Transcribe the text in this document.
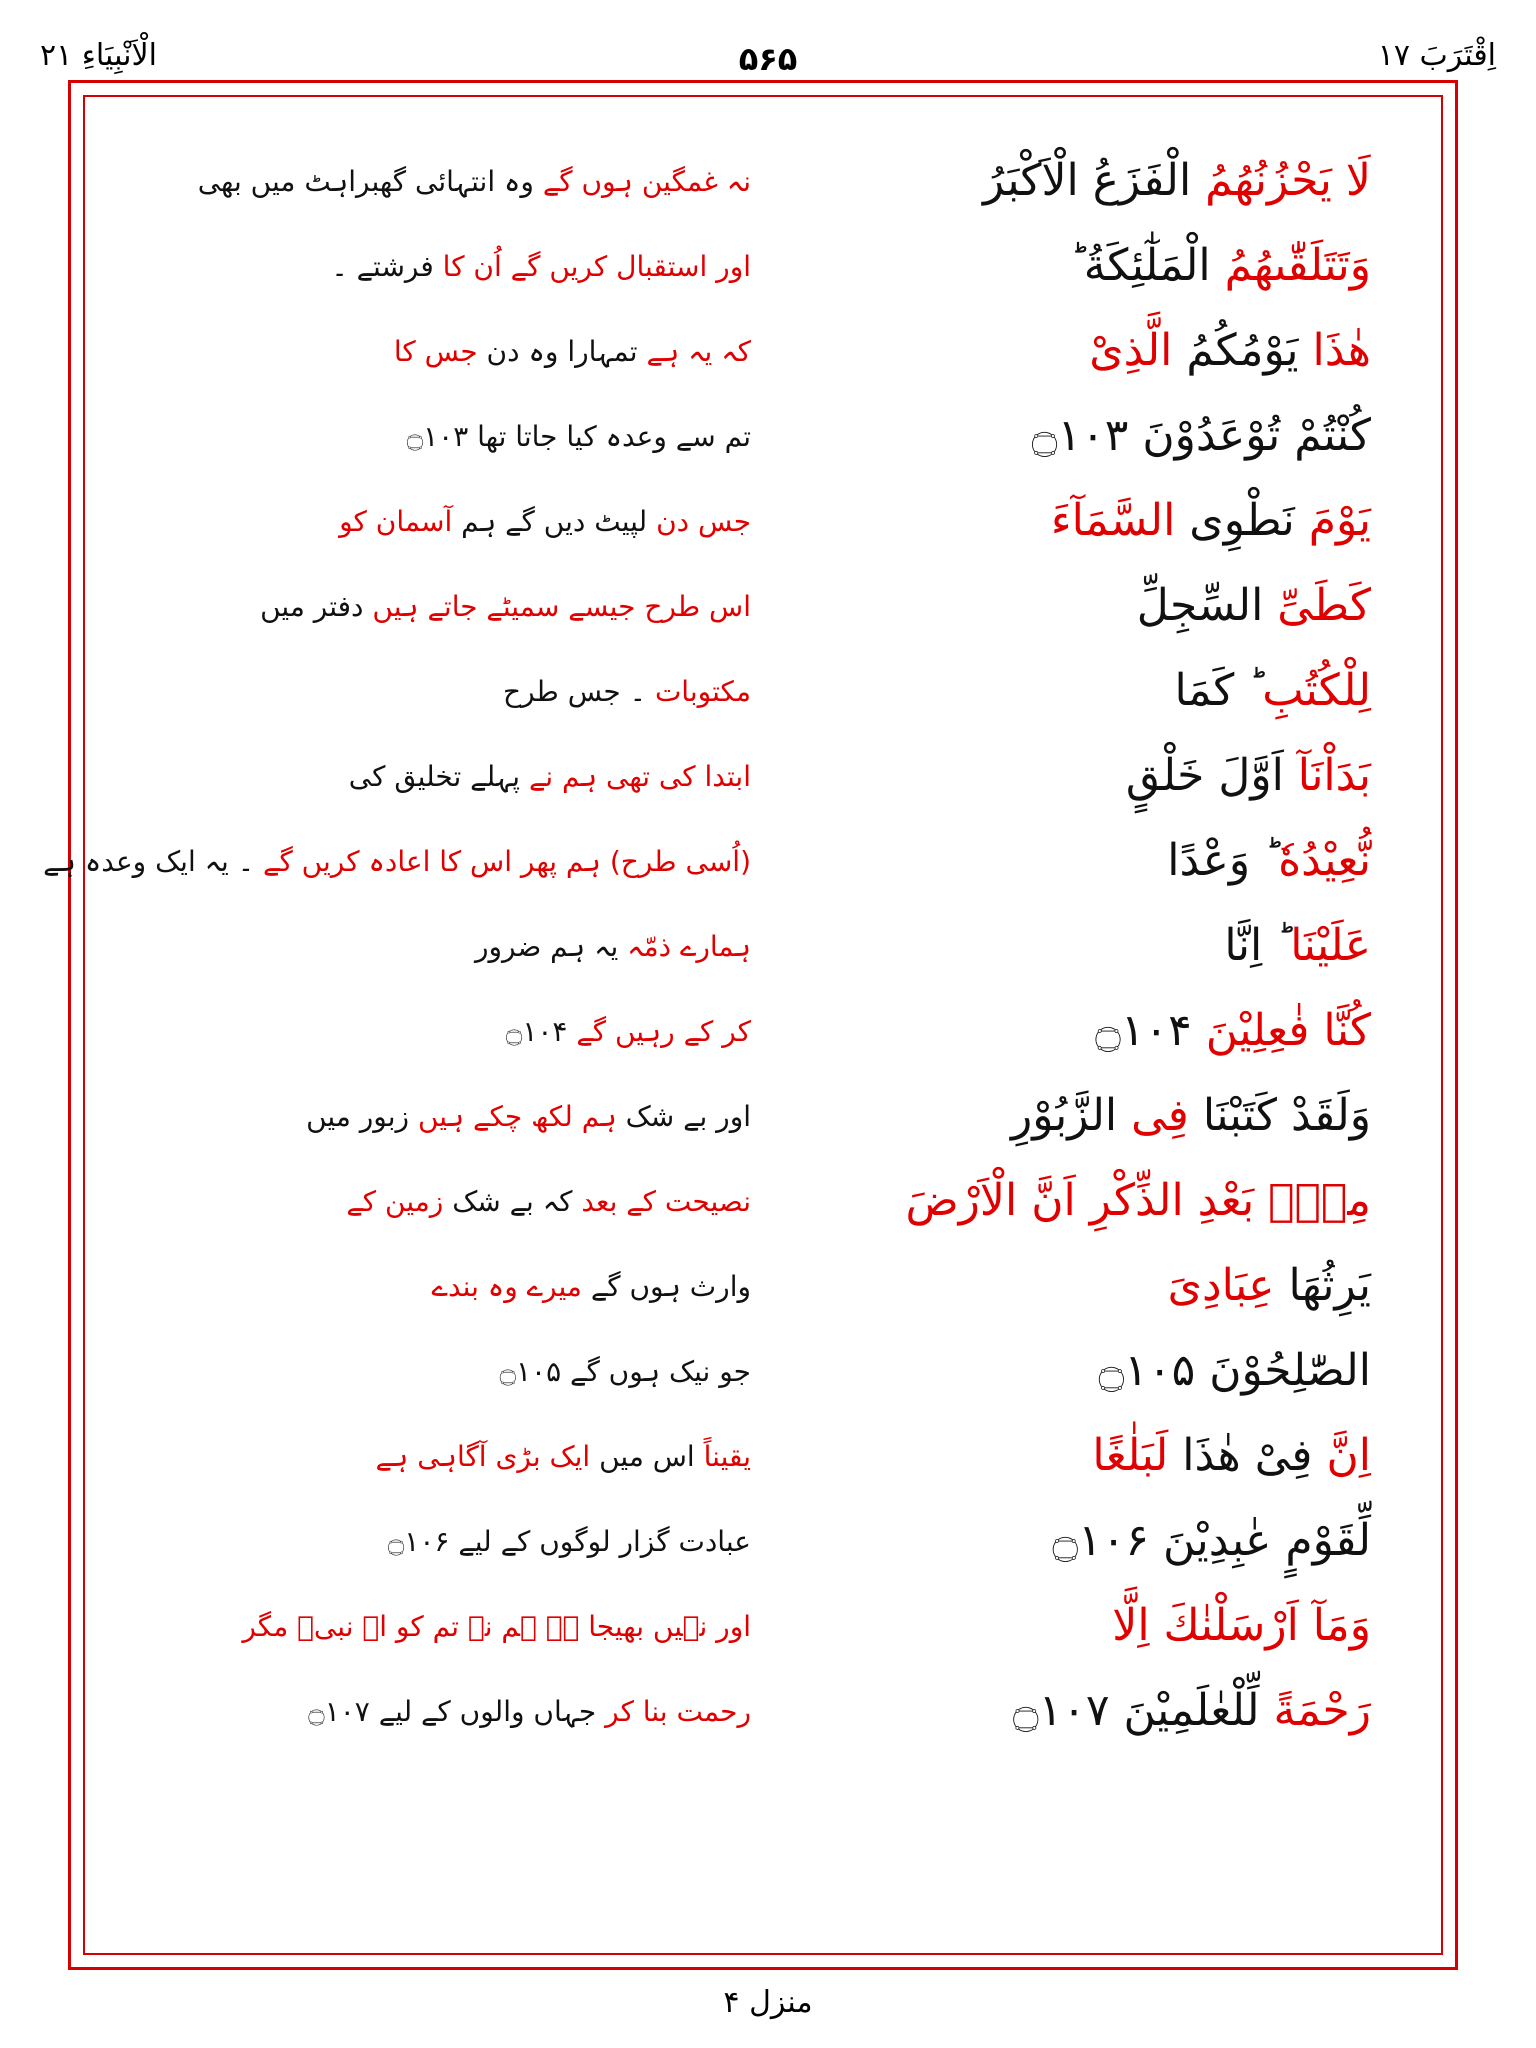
اِقْتَرَبَ ۱۷
۵۶۵
الْاَنْبِیَاءِ ۲۱
لَا يَحْزُنُهُمُ الْفَزَعُ الْاَكْبَرُ
نہ غمگین ہوں گے وہ انتہائی گھبراہٹ میں بھی
وَتَتَلَقّٰىهُمُ الْمَلٰٓئِكَةُ ؕ
اور استقبال کریں گے اُن کا فرشتے ۔
هٰذَا يَوْمُكُمُ الَّذِىْ
کہ یہ ہے تمہارا وہ دن جس کا
كُنْتُمْ تُوْعَدُوْنَ ۝۱۰۳
تم سے وعدہ کیا جاتا تھا ۝۱۰۳
يَوْمَ نَطْوِى السَّمَآءَ
جس دن لپیٹ دیں گے ہم آسمان کو
كَطَىِّ السِّجِلِّ
اس طرح جیسے سمیٹے جاتے ہیں دفتر میں
لِلْكُتُبِ ؕ كَمَا
مکتوبات ۔ جس طرح
بَدَاْنَآ اَوَّلَ خَلْقٍ
ابتدا کی تھی ہم نے پہلے تخلیق کی
نُّعِيْدُهٗ ؕ وَعْدًا
(اُسی طرح) ہم پھر اس کا اعادہ کریں گے ۔ یہ ایک وعدہ ہے
عَلَيْنَا ؕ اِنَّا
ہمارے ذمّہ یہ ہم ضرور
كُنَّا فٰعِلِيْنَ ۝۱۰۴
کر کے رہیں گے ۝۱۰۴
وَلَقَدْ كَتَبْنَا فِى الزَّبُوْرِ
اور بے شک ہم لکھ چکے ہیں زبور میں
مِنْۢ بَعْدِ الذِّكْرِ اَنَّ الْاَرْضَ
نصیحت کے بعد کہ بے شک زمین کے
يَرِثُهَا عِبَادِىَ
وارث ہوں گے میرے وہ بندے
الصّٰلِحُوْنَ ۝۱۰۵
جو نیک ہوں گے ۝۱۰۵
اِنَّ فِىْ هٰذَا لَبَلٰغًا
یقیناً اس میں ایک بڑی آگاہی ہے
لِّقَوْمٍ عٰبِدِيْنَ ۝۱۰۶
عبادت گزار لوگوں کے لیے ۝۱۰۶
وَمَآ اَرْسَلْنٰكَ اِلَّا
اور نہیں بھیجا ہے ہم نے تم کو اے نبیؐ مگر
رَحْمَةً لِّلْعٰلَمِيْنَ ۝۱۰۷
رحمت بنا کر جہاں والوں کے لیے ۝۱۰۷
منزل ۴
